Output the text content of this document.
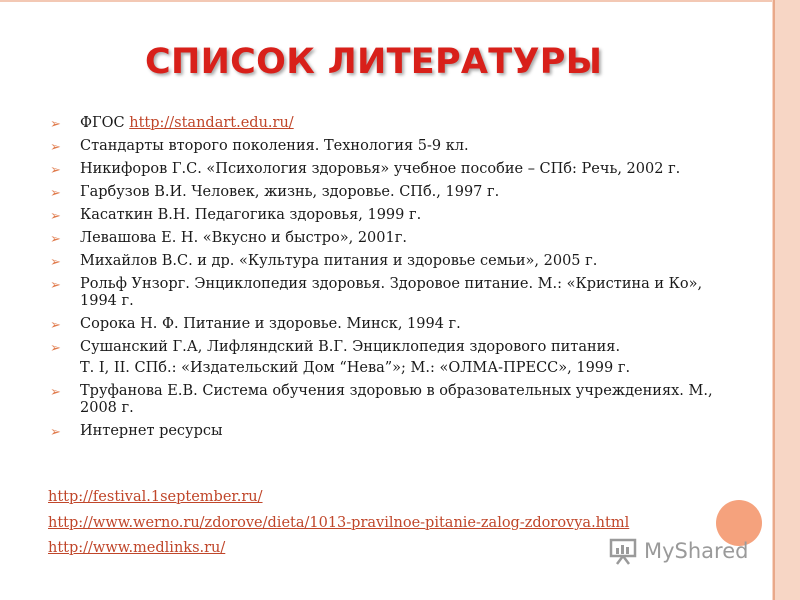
СПИСОК ЛИТЕРАТУРЫ
➢ ФГОС http://standart.edu.ru/
➢ Стандарты второго поколения. Технология 5-9 кл.
➢ Никифоров Г.С. «Психология здоровья» учебное пособие – СПб: Речь, 2002 г.
➢ Гарбузов В.И. Человек, жизнь, здоровье. СПб., 1997 г.
➢ Касаткин В.Н. Педагогика здоровья, 1999 г.
➢ Левашова Е. Н. «Вкусно и быстро», 2001г.
➢ Михайлов В.С. и др. «Культура питания и здоровье семьи», 2005 г.
➢ Рольф Унзорг. Энциклопедия здоровья. Здоровое питание. М.: «Кристина и Ко», 1994 г.
➢ Сорока Н. Ф. Питание и здоровье. Минск, 1994 г.
➢ Сушанский Г.А, Лифляндский В.Г. Энциклопедия здорового питания.
Т. I, II. СПб.: «Издательский Дом “Нева”»; М.: «ОЛМА-ПРЕСС», 1999 г.
➢ Труфанова Е.В. Система обучения здоровью в образовательных учреждениях. М., 2008 г.
➢ Интернет ресурсы
http://festival.1september.ru/
http://www.werno.ru/zdorove/dieta/1013-pravilnoe-pitanie-zalog-zdorovya.html
http://www.medlinks.ru/	MyShared
